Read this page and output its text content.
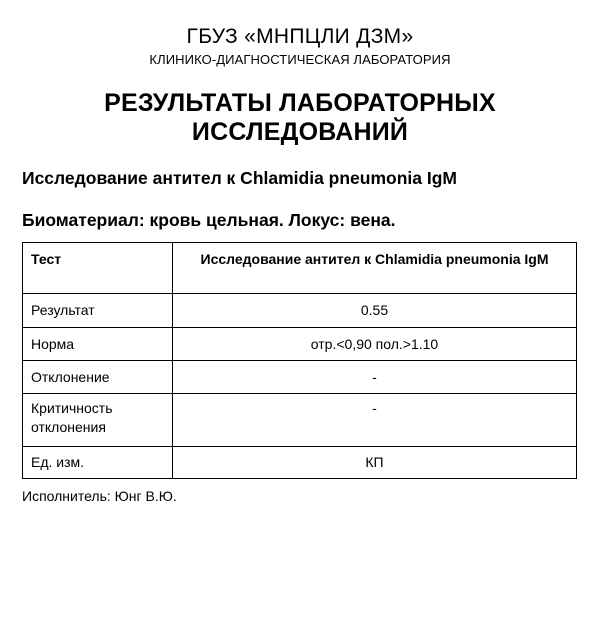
ГБУЗ «МНПЦЛИ ДЗМ»
КЛИНИКО-ДИАГНОСТИЧЕСКАЯ ЛАБОРАТОРИЯ
РЕЗУЛЬТАТЫ ЛАБОРАТОРНЫХ
ИССЛЕДОВАНИЙ
Исследование антител к Chlamidia pneumonia IgM
Биоматериал: кровь цельная. Локус: вена.
Тест	Исследование антител к Chlamidia pneumonia IgM
Результат	0.55
Норма	отр.<0,90 пол.>1.10
Отклонение	-
Критичность отклонения	-
Ед. изм.	КП
Исполнитель: Юнг В.Ю.
